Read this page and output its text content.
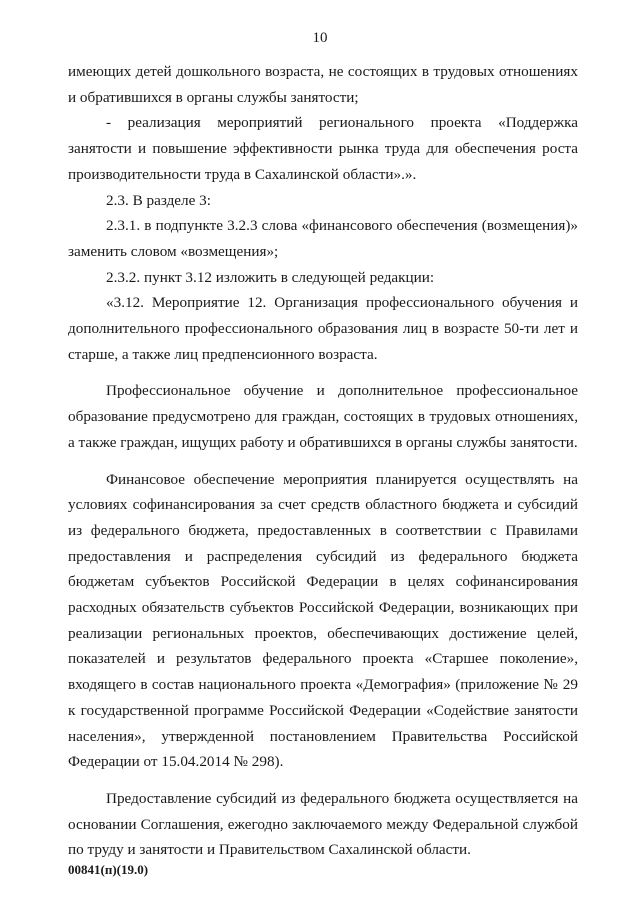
10

имеющих детей дошкольного возраста, не состоящих в трудовых отношениях и обратившихся в органы службы занятости;

- реализация мероприятий регионального проекта «Поддержка занятости и повышение эффективности рынка труда для обеспечения роста производительности труда в Сахалинской области».».

2.3. В разделе 3:

2.3.1. в подпункте 3.2.3 слова «финансового обеспечения (возмещения)» заменить словом «возмещения»;

2.3.2. пункт 3.12 изложить в следующей редакции:

«3.12. Мероприятие 12. Организация профессионального обучения и дополнительного профессионального образования лиц в возрасте 50-ти лет и старше, а также лиц предпенсионного возраста.

Профессиональное обучение и дополнительное профессиональное образование предусмотрено для граждан, состоящих в трудовых отношениях, а также граждан, ищущих работу и обратившихся в органы службы занятости.

Финансовое обеспечение мероприятия планируется осуществлять на условиях софинансирования за счет средств областного бюджета и субсидий из федерального бюджета, предоставленных в соответствии с Правилами предоставления и распределения субсидий из федерального бюджета бюджетам субъектов Российской Федерации в целях софинансирования расходных обязательств субъектов Российской Федерации, возникающих при реализации региональных проектов, обеспечивающих достижение целей, показателей и результатов федерального проекта «Старшее поколение», входящего в состав национального проекта «Демография» (приложение № 29 к государственной программе Российской Федерации «Содействие занятости населения», утвержденной постановлением Правительства Российской Федерации от 15.04.2014 № 298).

Предоставление субсидий из федерального бюджета осуществляется на основании Соглашения, ежегодно заключаемого между Федеральной службой по труду и занятости и Правительством Сахалинской области.

00841(п)(19.0)
